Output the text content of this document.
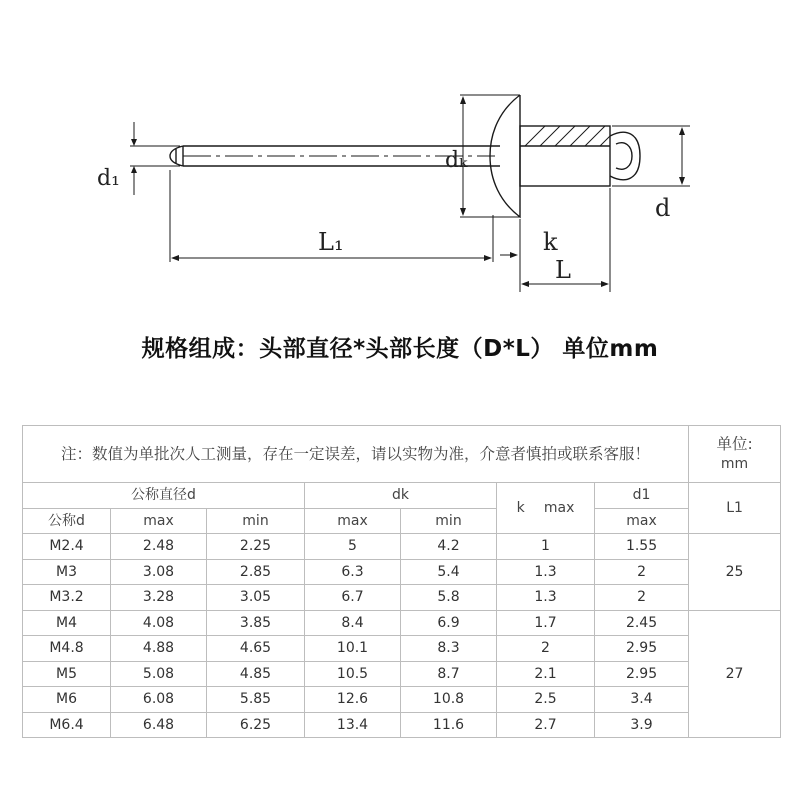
d₁
dₖ
d
L₁	k
L
规格组成：头部直径*头部长度（D*L） 单位mm
注：数值为单批次人工测量，存在一定误差，请以实物为准，介意者慎拍或联系客服！							单位:
mm

公称直径d			dk		k max	d1	L1
公称d	max	min	max	min		max	
M2.4	2.48	2.25	5	4.2	1	1.55	25
M3	3.08	2.85	6.3	5.4	1.3	2	
M3.2	3.28	3.05	6.7	5.8	1.3	2	
M4	4.08	3.85	8.4	6.9	1.7	2.45	27
M4.8	4.88	4.65	10.1	8.3	2	2.95	
M5	5.08	4.85	10.5	8.7	2.1	2.95	
M6	6.08	5.85	12.6	10.8	2.5	3.4	
M6.4	6.48	6.25	13.4	11.6	2.7	3.9	
